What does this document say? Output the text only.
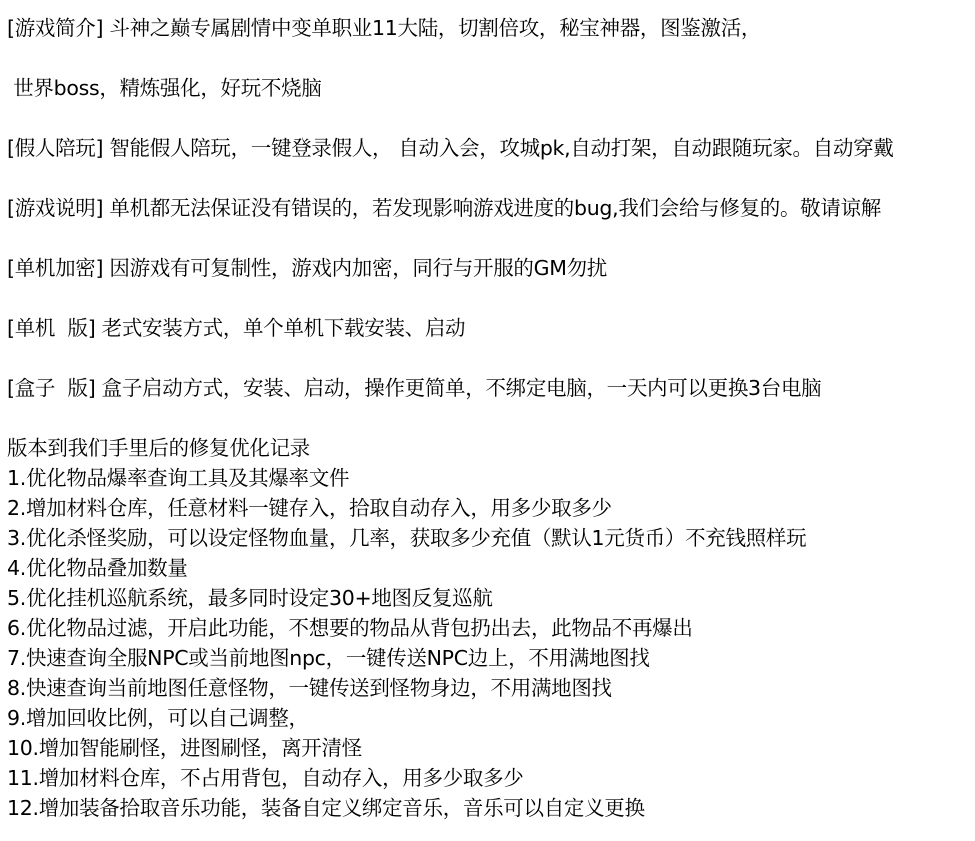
[游戏简介] 斗神之巅专属剧情中变单职业11大陆，切割倍攻，秘宝神器，图鉴激活，
世界boss，精炼强化，好玩不烧脑
[假人陪玩] 智能假人陪玩，一键登录假人， 自动入会，攻城pk,自动打架，自动跟随玩家。自动穿戴
[游戏说明] 单机都无法保证没有错误的，若发现影响游戏进度的bug,我们会给与修复的。敬请谅解
[单机加密] 因游戏有可复制性，游戏内加密，同行与开服的GM勿扰
[单机  版] 老式安装方式，单个单机下载安装、启动
[盒子  版] 盒子启动方式，安装、启动，操作更简单，不绑定电脑，一天内可以更换3台电脑
版本到我们手里后的修复优化记录
1.优化物品爆率查询工具及其爆率文件
2.增加材料仓库，任意材料一键存入，拾取自动存入，用多少取多少
3.优化杀怪奖励，可以设定怪物血量，几率，获取多少充值（默认1元货币）不充钱照样玩
4.优化物品叠加数量
5.优化挂机巡航系统，最多同时设定30+地图反复巡航
6.优化物品过滤，开启此功能，不想要的物品从背包扔出去，此物品不再爆出
7.快速查询全服NPC或当前地图npc，一键传送NPC边上，不用满地图找
8.快速查询当前地图任意怪物，一键传送到怪物身边，不用满地图找
9.增加回收比例，可以自己调整，
10.增加智能刷怪，进图刷怪，离开清怪
11.增加材料仓库，不占用背包，自动存入，用多少取多少
12.增加装备拾取音乐功能，装备自定义绑定音乐，音乐可以自定义更换
